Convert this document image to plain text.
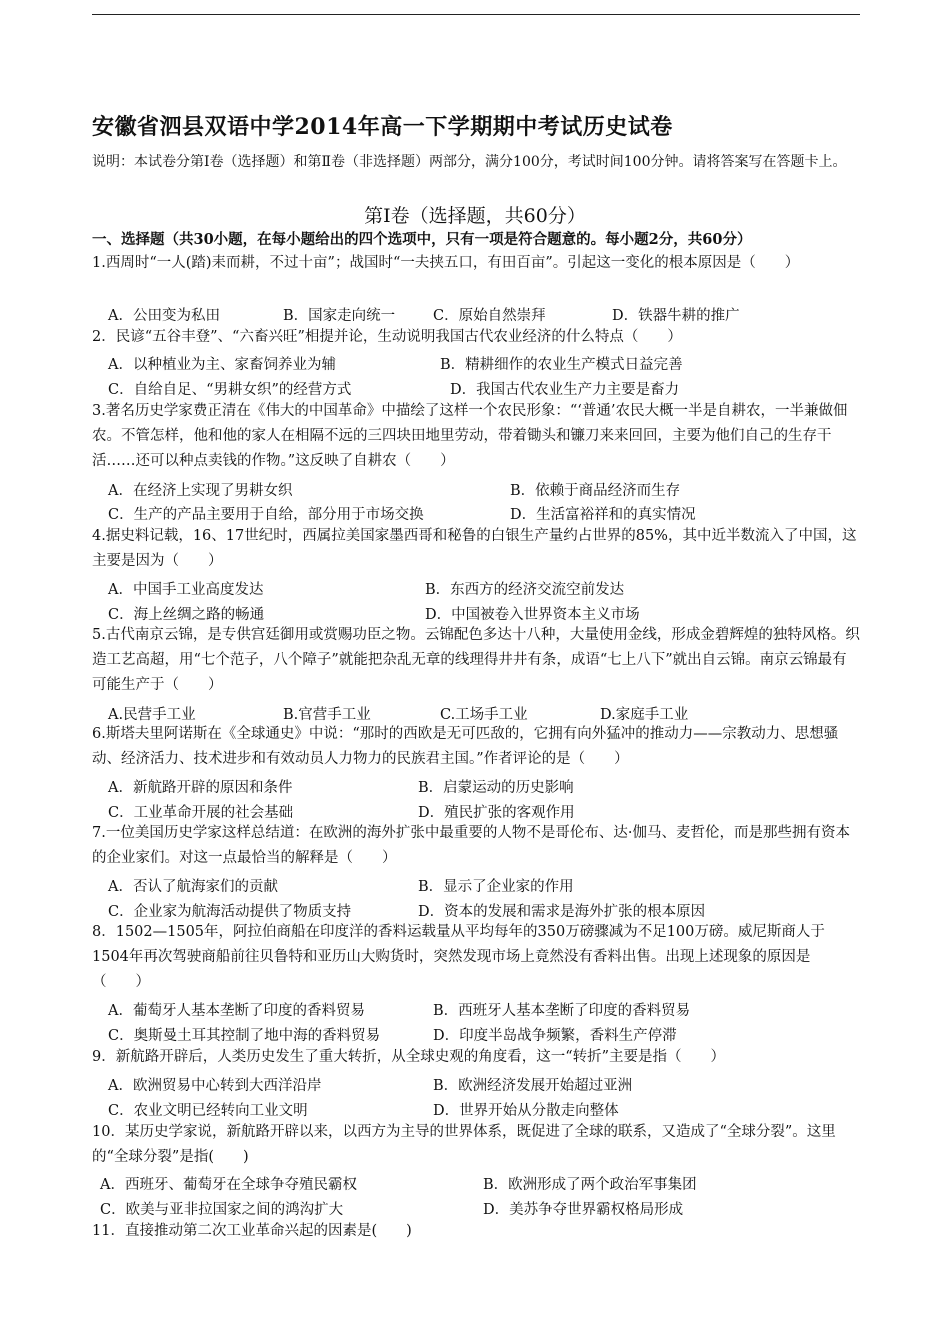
安徽省泗县双语中学2014年高一下学期期中考试历史试卷
说明：本试卷分第Ⅰ卷（选择题）和第Ⅱ卷（非选择题）两部分，满分100分，考试时间100分钟。请将答案写在答题卡上。
第Ⅰ卷（选择题，共60分）
一、选择题（共30小题，在每小题给出的四个选项中，只有一项是符合题意的。每小题2分，共60分）
1.西周时“一人(踏)耒而耕，不过十亩”；战国时“一夫挟五口，有田百亩”。引起这一变化的根本原因是（　　）
A．公田变为私田	B．国家走向统一	C．原始自然崇拜	D．铁器牛耕的推广
2．民谚“五谷丰登”、“六畜兴旺”相提并论，生动说明我国古代农业经济的什么特点（　　）
A．以种植业为主、家畜饲养业为辅	B．精耕细作的农业生产模式日益完善
C．自给自足、“男耕女织”的经营方式	D．我国古代农业生产力主要是畜力
3.著名历史学家费正清在《伟大的中国革命》中描绘了这样一个农民形象：“‘普通’农民大概一半是自耕农，一半兼做佃农。不管怎样，他和他的家人在相隔不远的三四块田地里劳动，带着锄头和镰刀来来回回，主要为他们自己的生存干活……还可以种点卖钱的作物。”这反映了自耕农（　　）
A．在经济上实现了男耕女织	B．依赖于商品经济而生存
C．生产的产品主要用于自给，部分用于市场交换	D．生活富裕祥和的真实情况
4.据史料记载，16、17世纪时，西属拉美国家墨西哥和秘鲁的白银生产量约占世界的85%，其中近半数流入了中国，这主要是因为（　　）
A．中国手工业高度发达	B．东西方的经济交流空前发达
C．海上丝绸之路的畅通	D．中国被卷入世界资本主义市场
5.古代南京云锦，是专供宫廷御用或赏赐功臣之物。云锦配色多达十八种，大量使用金线，形成金碧辉煌的独特风格。织造工艺高超，用“七个范子，八个障子”就能把杂乱无章的线理得井井有条，成语“七上八下”就出自云锦。南京云锦最有可能生产于（　　）
A.民营手工业	B.官营手工业	C.工场手工业	D.家庭手工业
6.斯塔夫里阿诺斯在《全球通史》中说：“那时的西欧是无可匹敌的，它拥有向外猛冲的推动力——宗教动力、思想骚动、经济活力、技术进步和有效动员人力物力的民族君主国。”作者评论的是（　　）
A．新航路开辟的原因和条件	B．启蒙运动的历史影响
C．工业革命开展的社会基础	D．殖民扩张的客观作用
7.一位美国历史学家这样总结道：在欧洲的海外扩张中最重要的人物不是哥伦布、达·伽马、麦哲伦，而是那些拥有资本的企业家们。对这一点最恰当的解释是（　　）
A．否认了航海家们的贡献	B．显示了企业家的作用
C．企业家为航海活动提供了物质支持	D．资本的发展和需求是海外扩张的根本原因
8．1502—1505年，阿拉伯商船在印度洋的香料运载量从平均每年的350万磅骤减为不足100万磅。威尼斯商人于1504年再次驾驶商船前往贝鲁特和亚历山大购货时，突然发现市场上竟然没有香料出售。出现上述现象的原因是（　　）
A．葡萄牙人基本垄断了印度的香料贸易	B．西班牙人基本垄断了印度的香料贸易
C．奥斯曼土耳其控制了地中海的香料贸易	D．印度半岛战争频繁，香料生产停滞
9．新航路开辟后，人类历史发生了重大转折，从全球史观的角度看，这一“转折”主要是指（　　）
A．欧洲贸易中心转到大西洋沿岸	B．欧洲经济发展开始超过亚洲
C．农业文明已经转向工业文明	D．世界开始从分散走向整体
10．某历史学家说，新航路开辟以来，以西方为主导的世界体系，既促进了全球的联系，又造成了“全球分裂”。这里的“全球分裂”是指(　　)
A．西班牙、葡萄牙在全球争夺殖民霸权	B．欧洲形成了两个政治军事集团
C．欧美与亚非拉国家之间的鸿沟扩大	D．美苏争夺世界霸权格局形成
11．直接推动第二次工业革命兴起的因素是(　　)
